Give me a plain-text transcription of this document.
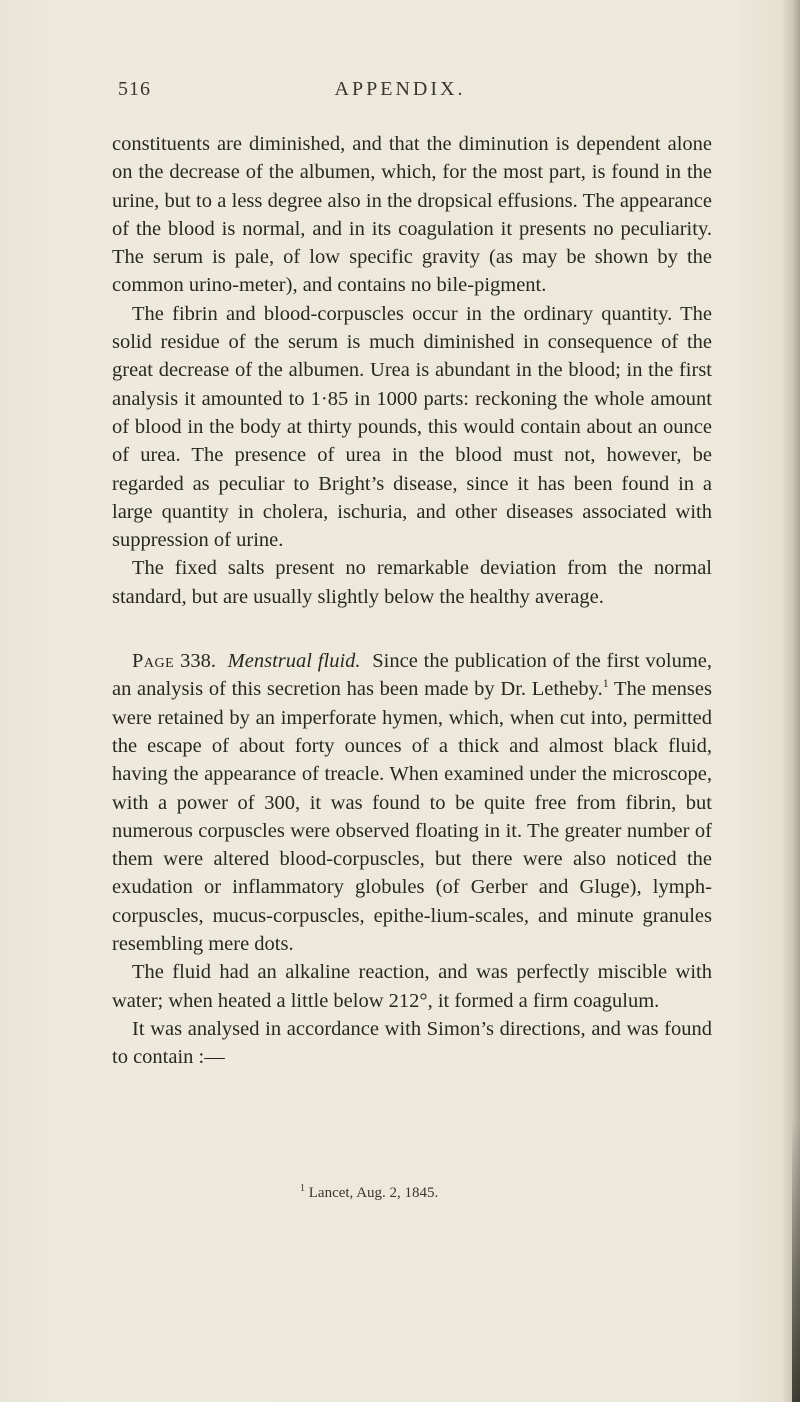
516	APPENDIX.

constituents are diminished, and that the diminution is dependent alone on the decrease of the albumen, which, for the most part, is found in the urine, but to a less degree also in the dropsical effusions. The appearance of the blood is normal, and in its coagulation it presents no peculiarity. The serum is pale, of low specific gravity (as may be shown by the common urino-meter), and contains no bile-pigment.

The fibrin and blood-corpuscles occur in the ordinary quantity. The solid residue of the serum is much diminished in consequence of the great decrease of the albumen. Urea is abundant in the blood; in the first analysis it amounted to 1·85 in 1000 parts: reckoning the whole amount of blood in the body at thirty pounds, this would contain about an ounce of urea. The presence of urea in the blood must not, however, be regarded as peculiar to Bright’s disease, since it has been found in a large quantity in cholera, ischuria, and other diseases associated with suppression of urine.

The fixed salts present no remarkable deviation from the normal standard, but are usually slightly below the healthy average.

Page 338. Menstrual fluid. Since the publication of the first volume, an analysis of this secretion has been made by Dr. Letheby.$^1$ The menses were retained by an imperforate hymen, which, when cut into, permitted the escape of about forty ounces of a thick and almost black fluid, having the appearance of treacle. When examined under the microscope, with a power of 300, it was found to be quite free from fibrin, but numerous corpuscles were observed floating in it. The greater number of them were altered blood-corpuscles, but there were also noticed the exudation or inflammatory globules (of Gerber and Gluge), lymph-corpuscles, mucus-corpuscles, epithe-lium-scales, and minute granules resembling mere dots.

The fluid had an alkaline reaction, and was perfectly miscible with water; when heated a little below 212°, it formed a firm coagulum.

It was analysed in accordance with Simon’s directions, and was found to contain :—

$^1$ Lancet, Aug. 2, 1845.
